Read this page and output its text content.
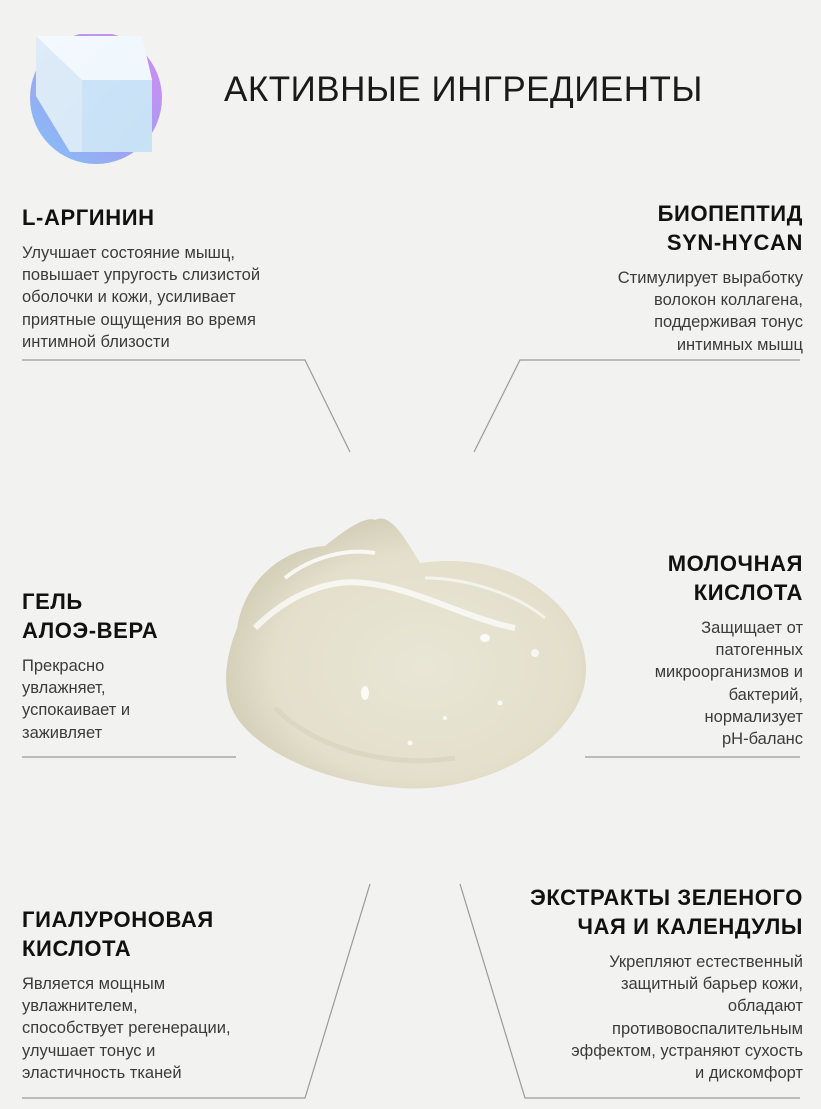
АКТИВНЫЕ ИНГРЕДИЕНТЫ
L-АРГИНИН

Улучшает состояние мышц,
повышает упругость слизистой
оболочки и кожи, усиливает
приятные ощущения во время
интимной близости

БИОПЕПТИД
SYN-HYCAN

Стимулирует выработку
волокон коллагена,
поддерживая тонус
интимных мышц

ГЕЛЬ
АЛОЭ-ВЕРА

Прекрасно
увлажняет,
успокаивает и
заживляет

МОЛОЧНАЯ
КИСЛОТА

Защищает от
патогенных
микроорганизмов и
бактерий,
нормализует
pH-баланс

ГИАЛУРОНОВАЯ
КИСЛОТА

Является мощным
увлажнителем,
способствует регенерации,
улучшает тонус и
эластичность тканей

ЭКСТРАКТЫ ЗЕЛЕНОГО
ЧАЯ И КАЛЕНДУЛЫ

Укрепляют естественный
защитный барьер кожи,
обладают
противовоспалительным
эффектом, устраняют сухость
и дискомфорт
